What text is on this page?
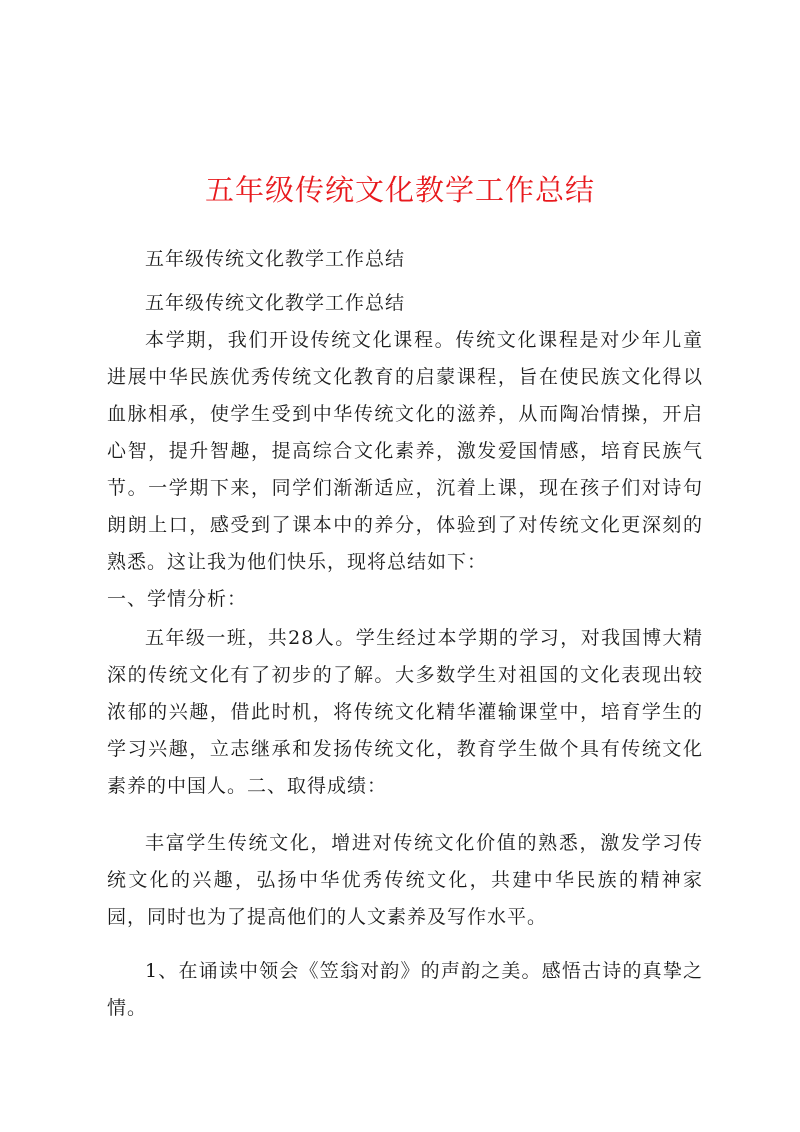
五年级传统文化教学工作总结

五年级传统文化教学工作总结

五年级传统文化教学工作总结

本学期，我们开设传统文化课程。传统文化课程是对少年儿童进展中华民族优秀传统文化教育的启蒙课程，旨在使民族文化得以血脉相承，使学生受到中华传统文化的滋养，从而陶冶情操，开启心智，提升智趣，提高综合文化素养，激发爱国情感，培育民族气节。一学期下来，同学们渐渐适应，沉着上课，现在孩子们对诗句朗朗上口，感受到了课本中的养分，体验到了对传统文化更深刻的熟悉。这让我为他们快乐，现将总结如下：

一、学情分析：

五年级一班，共28人。学生经过本学期的学习，对我国博大精深的传统文化有了初步的了解。大多数学生对祖国的文化表现出较浓郁的兴趣，借此时机，将传统文化精华灌输课堂中，培育学生的学习兴趣，立志继承和发扬传统文化，教育学生做个具有传统文化素养的中国人。二、取得成绩：

丰富学生传统文化，增进对传统文化价值的熟悉，激发学习传统文化的兴趣，弘扬中华优秀传统文化，共建中华民族的精神家园，同时也为了提高他们的人文素养及写作水平。

1、在诵读中领会《笠翁对韵》的声韵之美。感悟古诗的真挚之情。
